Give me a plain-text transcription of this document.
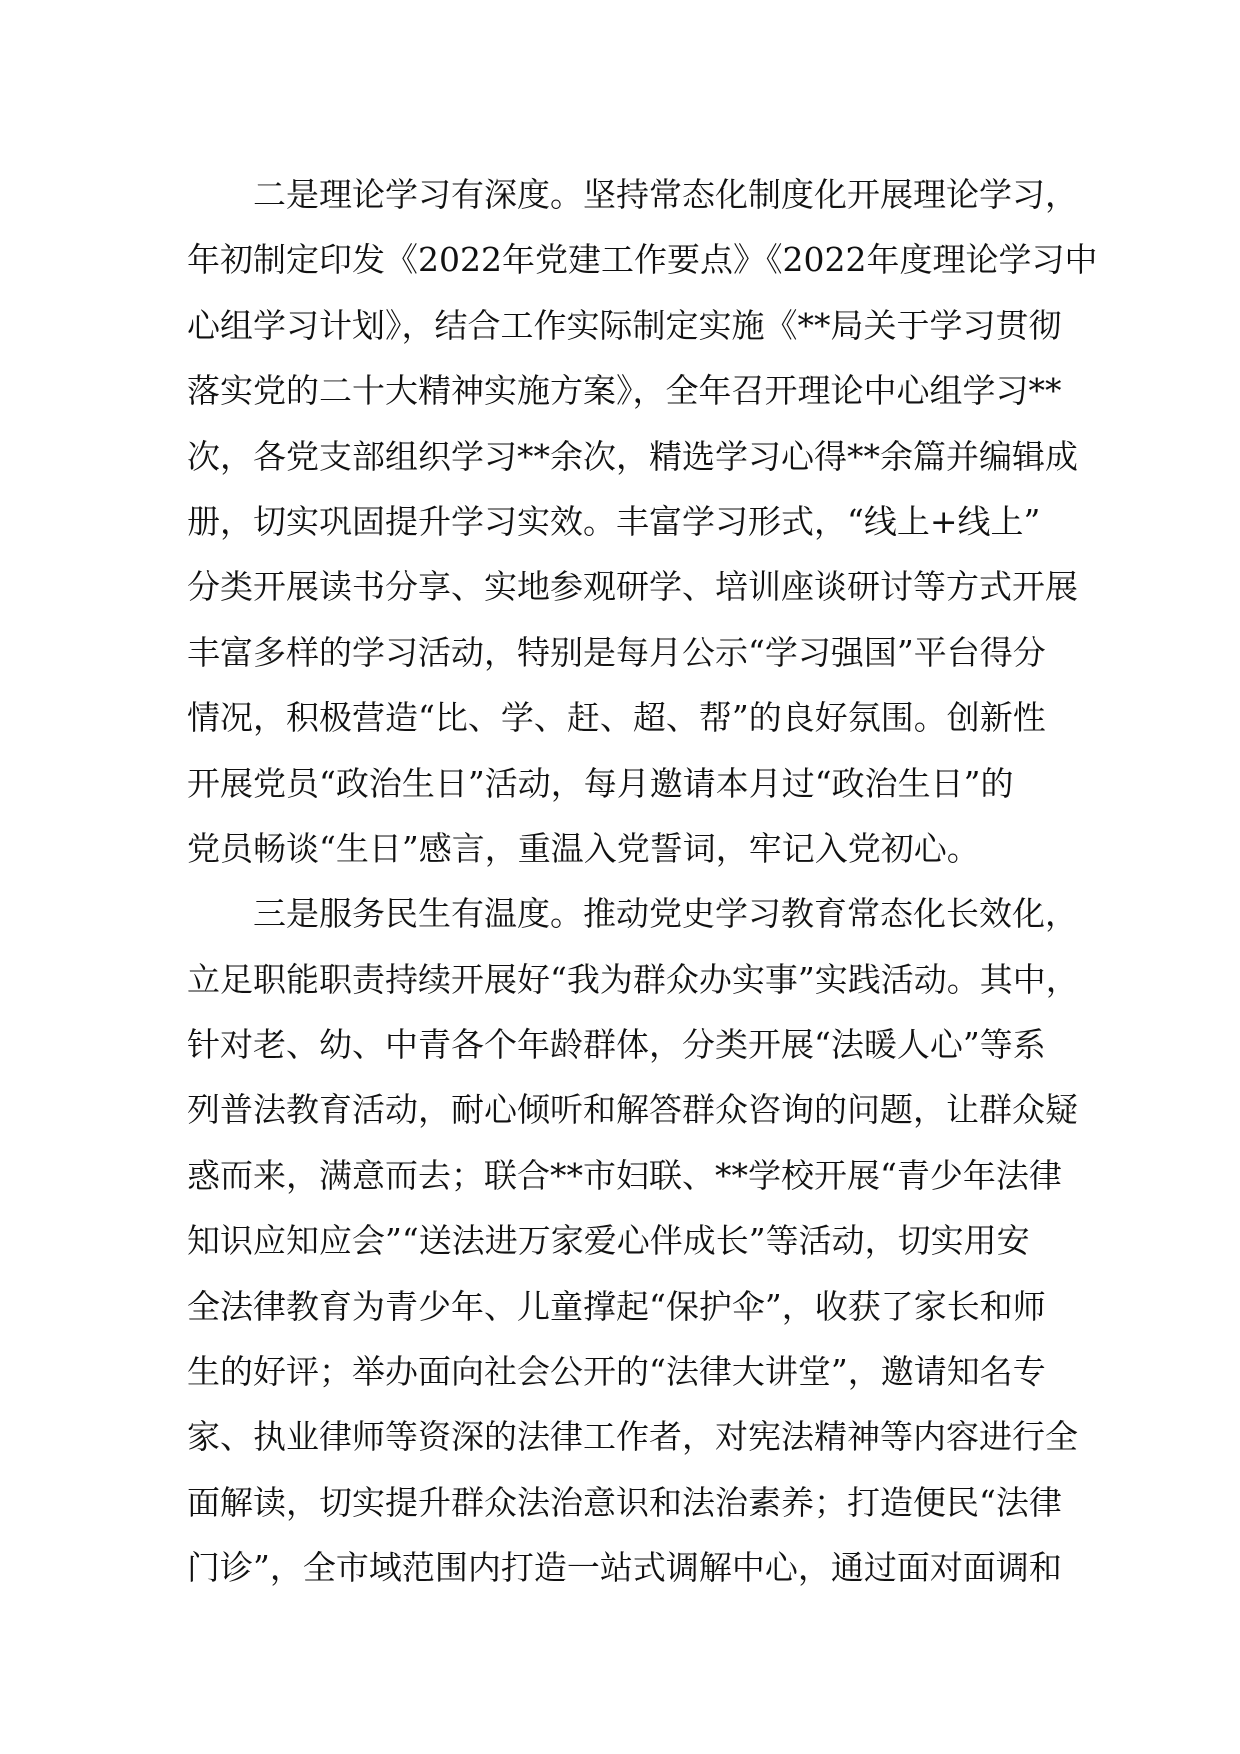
二是理论学习有深度。坚持常态化制度化开展理论学习，
年初制定印发《2022年党建工作要点》《2022年度理论学习中
心组学习计划》，结合工作实际制定实施《**局关于学习贯彻
落实党的二十大精神实施方案》，全年召开理论中心组学习**
次，各党支部组织学习**余次，精选学习心得**余篇并编辑成
册，切实巩固提升学习实效。丰富学习形式，“线上+线上”
分类开展读书分享、实地参观研学、培训座谈研讨等方式开展
丰富多样的学习活动，特别是每月公示“学习强国”平台得分
情况，积极营造“比、学、赶、超、帮”的良好氛围。创新性
开展党员“政治生日”活动，每月邀请本月过“政治生日”的
党员畅谈“生日”感言，重温入党誓词，牢记入党初心。
三是服务民生有温度。推动党史学习教育常态化长效化，
立足职能职责持续开展好“我为群众办实事”实践活动。其中，
针对老、幼、中青各个年龄群体，分类开展“法暖人心”等系
列普法教育活动，耐心倾听和解答群众咨询的问题，让群众疑
惑而来，满意而去；联合**市妇联、**学校开展“青少年法律
知识应知应会”“送法进万家爱心伴成长”等活动，切实用安
全法律教育为青少年、儿童撑起“保护伞”，收获了家长和师
生的好评；举办面向社会公开的“法律大讲堂”，邀请知名专
家、执业律师等资深的法律工作者，对宪法精神等内容进行全
面解读，切实提升群众法治意识和法治素养；打造便民“法律
门诊”，全市域范围内打造一站式调解中心，通过面对面调和
